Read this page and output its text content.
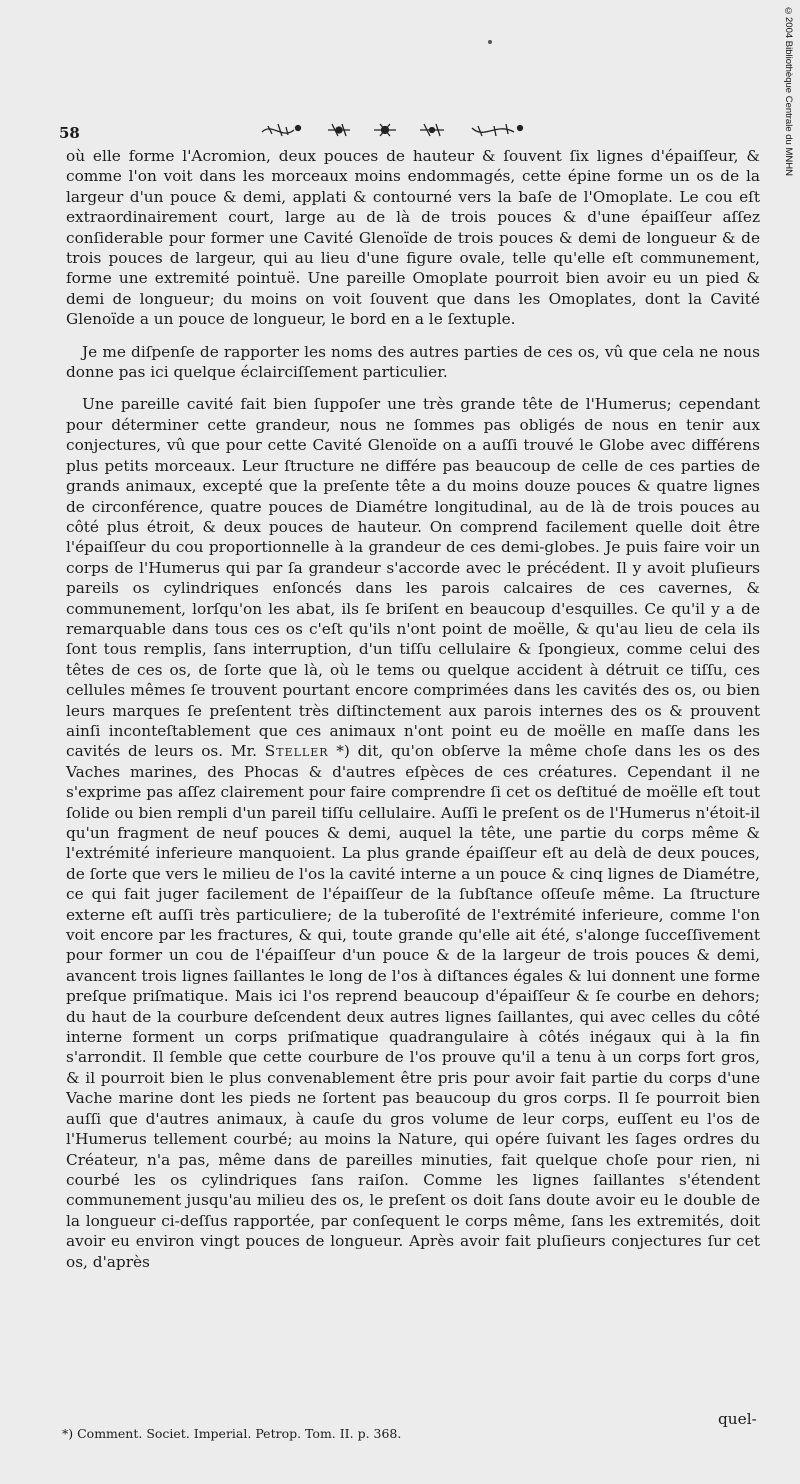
©2004 Bibliothèque Centrale du MNHN
58

où elle forme l'Acromion, deux pouces de hauteur & ſouvent ſix lignes d'épaiſſeur, & comme l'on voit dans les morceaux moins endommagés, cette épine forme un os de la largeur d'un pouce & demi, applati & contourné vers la baſe de l'Omoplate. Le cou eſt extraordinairement court, large au de là de trois pouces & d'une épaiſſeur aſſez conſiderable pour former une Cavité Glenoïde de trois pouces & demi de longueur & de trois pouces de largeur, qui au lieu d'une figure ovale, telle qu'elle eſt communement, forme une extremité pointuë. Une pareille Omoplate pourroit bien avoir eu un pied & demi de longueur; du moins on voit ſouvent que dans les Omoplates, dont la Cavité Glenoïde a un pouce de longueur, le bord en a le ſextuple.

Je me diſpenſe de rapporter les noms des autres parties de ces os, vû que cela ne nous donne pas ici quelque éclairciſſement particulier.

Une pareille cavité fait bien ſuppoſer une très grande tête de l'Humerus; cependant pour déterminer cette grandeur, nous ne ſommes pas obligés de nous en tenir aux conjectures, vû que pour cette Cavité Glenoïde on a auſſi trouvé le Globe avec différens plus petits morceaux. Leur ſtructure ne différe pas beaucoup de celle de ces parties de grands animaux, excepté que la preſente tête a du moins douze pouces & quatre lignes de circonférence, quatre pouces de Diamétre longitudinal, au de là de trois pouces au côté plus étroit, & deux pouces de hauteur. On comprend facilement quelle doit être l'épaiſſeur du cou proportionnelle à la grandeur de ces demi-globes. Je puis faire voir un corps de l'Humerus qui par ſa grandeur s'accorde avec le précédent. Il y avoit pluſieurs pareils os cylindriques enſoncés dans les parois calcaires de ces cavernes, & communement, lorſqu'on les abat, ils ſe briſent en beaucoup d'esquilles. Ce qu'il y a de remarquable dans tous ces os c'eſt qu'ils n'ont point de moëlle, & qu'au lieu de cela ils ſont tous remplis, ſans interruption, d'un tiſſu cellulaire & ſpongieux, comme celui des têtes de ces os, de ſorte que là, où le tems ou quelque accident à détruit ce tiſſu, ces cellules mêmes ſe trouvent pourtant encore comprimées dans les cavités des os, ou bien leurs marques ſe preſentent très diſtinctement aux parois internes des os & prouvent ainſi inconteſtablement que ces animaux n'ont point eu de moëlle en maſſe dans les cavités de leurs os. Mr. Steller *) dit, qu'on obſerve la même choſe dans les os des Vaches marines, des Phocas & d'autres eſpèces de ces créatures. Cependant il ne s'exprime pas aſſez clairement pour faire comprendre ſi cet os deſtitué de moëlle eſt tout ſolide ou bien rempli d'un pareil tiſſu cellulaire. Auſſi le preſent os de l'Humerus n'étoit-il qu'un fragment de neuf pouces & demi, auquel la tête, une partie du corps même & l'extrémité inferieure manquoient. La plus grande épaiſſeur eſt au delà de deux pouces, de ſorte que vers le milieu de l'os la cavité interne a un pouce & cinq lignes de Diamétre, ce qui fait juger facilement de l'épaiſſeur de la ſubſtance oſſeuſe même. La ſtructure externe eſt auſſi très particuliere; de la tuberoſité de l'extrémité inferieure, comme l'on voit encore par les fractures, & qui, toute grande qu'elle ait été, s'alonge ſucceſſivement pour former un cou de l'épaiſſeur d'un pouce & de la largeur de trois pouces & demi, avancent trois lignes ſaillantes le long de l'os à diſtances égales & lui donnent une forme preſque priſmatique. Mais ici l'os reprend beaucoup d'épaiſſeur & ſe courbe en dehors; du haut de la courbure deſcendent deux autres lignes ſaillantes, qui avec celles du côté interne forment un corps priſmatique quadrangulaire à côtés inégaux qui à la fin s'arrondit. Il ſemble que cette courbure de l'os prouve qu'il a tenu à un corps fort gros, & il pourroit bien le plus convenablement être pris pour avoir fait partie du corps d'une Vache marine dont les pieds ne ſortent pas beaucoup du gros corps. Il ſe pourroit bien auſſi que d'autres animaux, à cauſe du gros volume de leur corps, euſſent eu l'os de l'Humerus tellement courbé; au moins la Nature, qui opére ſuivant les ſages ordres du Créateur, n'a pas, même dans de pareilles minuties, fait quelque choſe pour rien, ni courbé les os cylindriques ſans raiſon. Comme les lignes ſaillantes s'étendent communement jusqu'au milieu des os, le preſent os doit ſans doute avoir eu le double de la longueur ci-deſſus rapportée, par conſequent le corps même, ſans les extremités, doit avoir eu environ vingt pouces de longueur. Après avoir fait pluſieurs conjectures ſur cet os, d'après

quel-
*) Comment. Societ. Imperial. Petrop. Tom. II. p. 368.
